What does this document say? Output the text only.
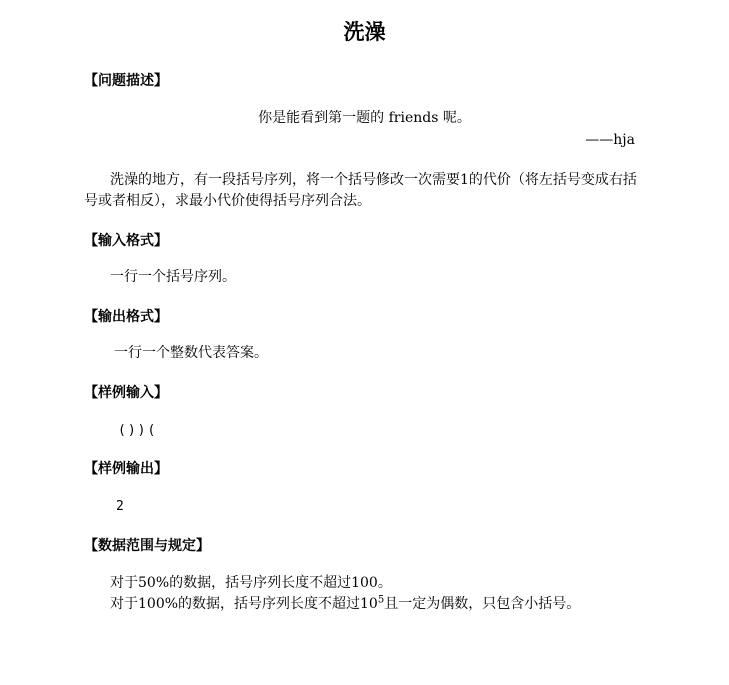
洗澡
【问题描述】
你是能看到第一题的 friends 呢。
——hja
洗澡的地方，有一段括号序列，将一个括号修改一次需要1的代价（将左括号变成右括号或者相反），求最小代价使得括号序列合法。
【输入格式】
一行一个括号序列。
【输出格式】
一行一个整数代表答案。
【样例输入】
())(
【样例输出】
2
【数据范围与规定】
对于50%的数据，括号序列长度不超过100。
对于100%的数据，括号序列长度不超过$10^5$且一定为偶数，只包含小括号。
